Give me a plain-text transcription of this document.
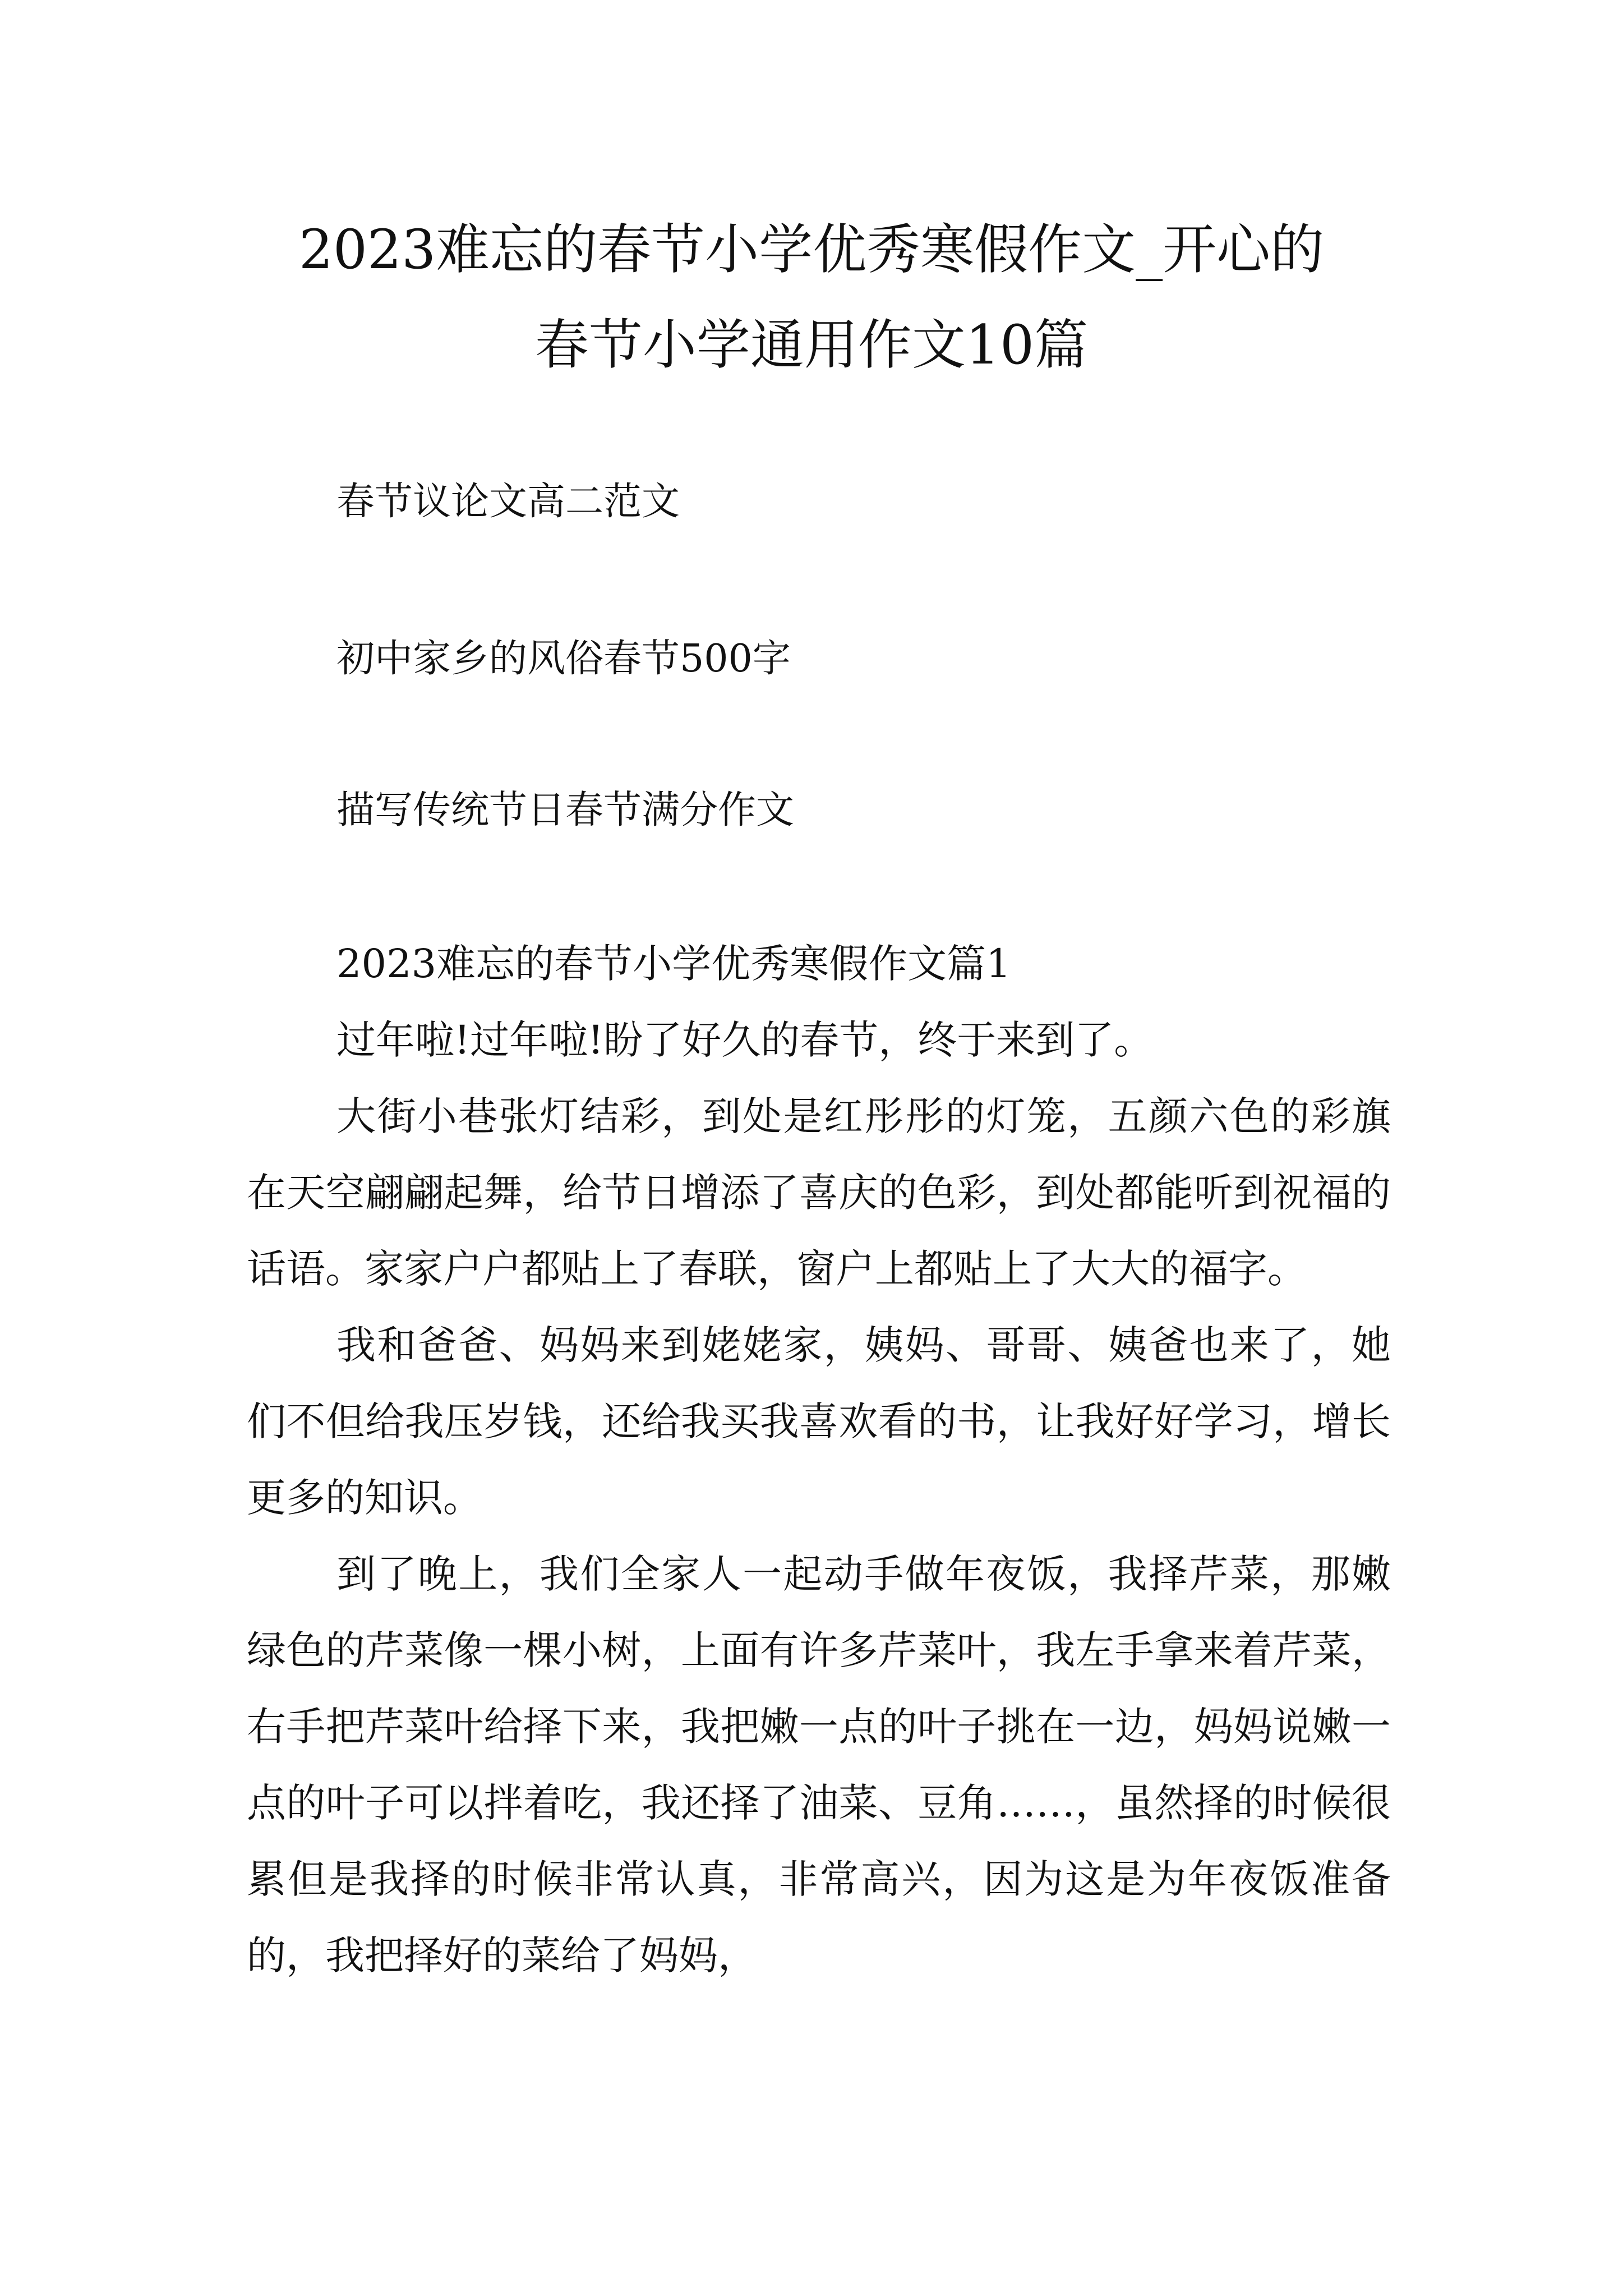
2023难忘的春节小学优秀寒假作文_开心的
春节小学通用作文10篇

春节议论文高二范文

初中家乡的风俗春节500字

描写传统节日春节满分作文

2023难忘的春节小学优秀寒假作文篇1

过年啦!过年啦!盼了好久的春节，终于来到了。

大街小巷张灯结彩，到处是红彤彤的灯笼，五颜六色的彩旗在天空翩翩起舞，给节日增添了喜庆的色彩，到处都能听到祝福的话语。家家户户都贴上了春联，窗户上都贴上了大大的福字。

我和爸爸、妈妈来到姥姥家，姨妈、哥哥、姨爸也来了，她们不但给我压岁钱，还给我买我喜欢看的书，让我好好学习，增长更多的知识。

到了晚上，我们全家人一起动手做年夜饭，我择芹菜，那嫩绿色的芹菜像一棵小树，上面有许多芹菜叶，我左手拿来着芹菜，右手把芹菜叶给择下来，我把嫩一点的叶子挑在一边，妈妈说嫩一点的叶子可以拌着吃，我还择了油菜、豆角……，虽然择的时候很累但是我择的时候非常认真，非常高兴，因为这是为年夜饭准备的，我把择好的菜给了妈妈，
